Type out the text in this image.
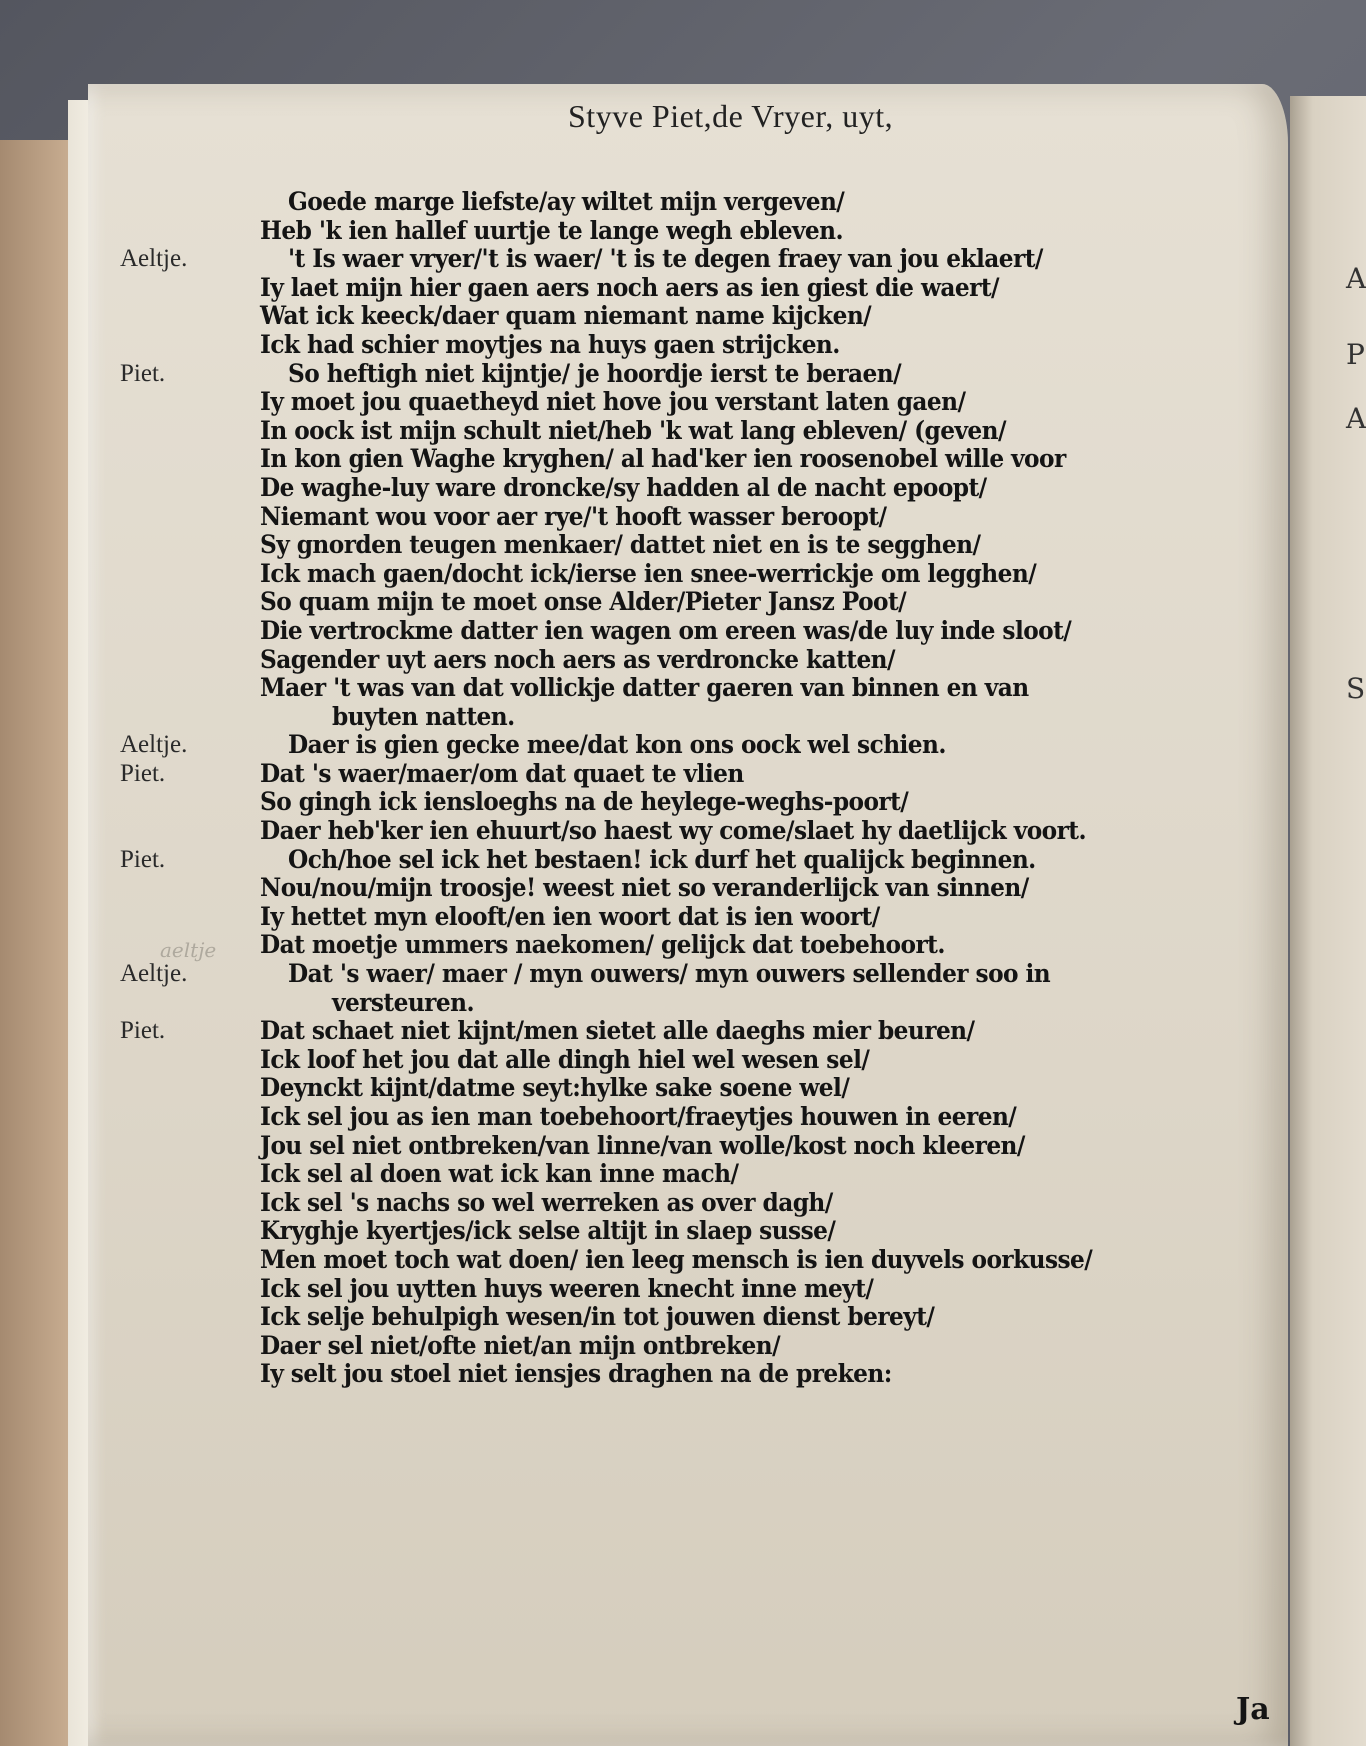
A
P
A
S
Styve Piet,de Vryer, uyt,
aeltje
Goede marge liefste/ay wiltet mijn vergeven/
Heb 'k ien hallef uurtje te lange wegh ebleven.
Aeltje.	't Is waer vryer/'t is waer/ 't is te degen fraey van jou eklaert/
Iy laet mijn hier gaen aers noch aers as ien giest die waert/
Wat ick keeck/daer quam niemant name kijcken/
Ick had schier moytjes na huys gaen strijcken.
Piet.	So heftigh niet kijntje/ je hoordje ierst te beraen/
Iy moet jou quaetheyd niet hove jou verstant laten gaen/
In oock ist mijn schult niet/heb 'k wat lang ebleven/ (geven/
In kon gien Waghe kryghen/ al had'ker ien roosenobel wille voor
De waghe-luy ware droncke/sy hadden al de nacht epoopt/
Niemant wou voor aer rye/'t hooft wasser beroopt/
Sy gnorden teugen menkaer/ dattet niet en is te segghen/
Ick mach gaen/docht ick/ierse ien snee-werrickje om legghen/
So quam mijn te moet onse Alder/Pieter Jansz Poot/
Die vertrockme datter ien wagen om ereen was/de luy inde sloot/
Sagender uyt aers noch aers as verdroncke katten/
Maer 't was van dat vollickje datter gaeren van binnen en van
buyten natten.
Aeltje.	Daer is gien gecke mee/dat kon ons oock wel schien.
Piet.	Dat 's waer/maer/om dat quaet te vlien
So gingh ick iensloeghs na de heylege-weghs-poort/
Daer heb'ker ien ehuurt/so haest wy come/slaet hy daetlijck voort.
Piet.	Och/hoe sel ick het bestaen! ick durf het qualijck beginnen.
Nou/nou/mijn troosje! weest niet so veranderlijck van sinnen/
Iy hettet myn elooft/en ien woort dat is ien woort/
Dat moetje ummers naekomen/ gelijck dat toebehoort.
Aeltje.	Dat 's waer/ maer / myn ouwers/ myn ouwers sellender soo in
versteuren.
Piet.	Dat schaet niet kijnt/men sietet alle daeghs mier beuren/
Ick loof het jou dat alle dingh hiel wel wesen sel/
Deynckt kijnt/datme seyt:hylke sake soene wel/
Ick sel jou as ien man toebehoort/fraeytjes houwen in eeren/
Jou sel niet ontbreken/van linne/van wolle/kost noch kleeren/
Ick sel al doen wat ick kan inne mach/
Ick sel 's nachs so wel werreken as over dagh/
Kryghje kyertjes/ick selse altijt in slaep susse/
Men moet toch wat doen/ ien leeg mensch is ien duyvels oorkusse/
Ick sel jou uytten huys weeren knecht inne meyt/
Ick selje behulpigh wesen/in tot jouwen dienst bereyt/
Daer sel niet/ofte niet/an mijn ontbreken/
Iy selt jou stoel niet iensjes draghen na de preken:
Ja
